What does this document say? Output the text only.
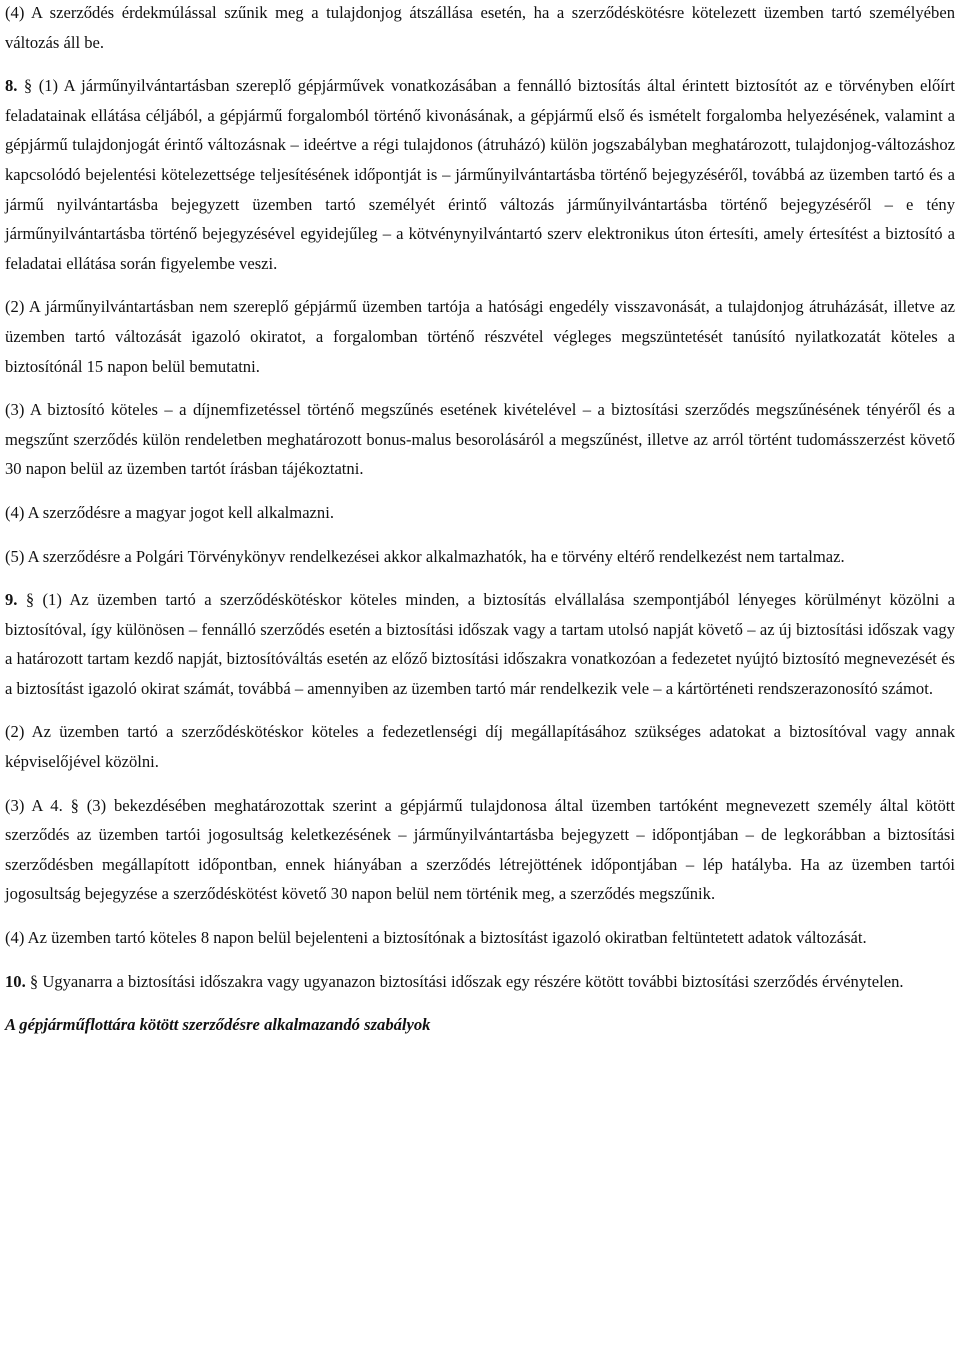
(4) A szerződés érdekmúlással szűnik meg a tulajdonjog átszállása esetén, ha a szerződéskötésre kötelezett üzemben tartó személyében változás áll be.

8. § (1) A járműnyilvántartásban szereplő gépjárművek vonatkozásában a fennálló biztosítás által érintett biztosítót az e törvényben előírt feladatainak ellátása céljából, a gépjármű forgalomból történő kivonásának, a gépjármű első és ismételt forgalomba helyezésének, valamint a gépjármű tulajdonjogát érintő változásnak – ideértve a régi tulajdonos (átruházó) külön jogszabályban meghatározott, tulajdonjog-változáshoz kapcsolódó bejelentési kötelezettsége teljesítésének időpontját is – járműnyilvántartásba történő bejegyzéséről, továbbá az üzemben tartó és a jármű nyilvántartásba bejegyzett üzemben tartó személyét érintő változás járműnyilvántartásba történő bejegyzéséről – e tény járműnyilvántartásba történő bejegyzésével egyidejűleg – a kötvénynyilvántartó szerv elektronikus úton értesíti, amely értesítést a biztosító a feladatai ellátása során figyelembe veszi.

(2) A járműnyilvántartásban nem szereplő gépjármű üzemben tartója a hatósági engedély visszavonását, a tulajdonjog átruházását, illetve az üzemben tartó változását igazoló okiratot, a forgalomban történő részvétel végleges megszüntetését tanúsító nyilatkozatát köteles a biztosítónál 15 napon belül bemutatni.

(3) A biztosító köteles – a díjnemfizetéssel történő megszűnés esetének kivételével – a biztosítási szerződés megszűnésének tényéről és a megszűnt szerződés külön rendeletben meghatározott bonus-malus besorolásáról a megszűnést, illetve az arról történt tudomásszerzést követő 30 napon belül az üzemben tartót írásban tájékoztatni.

(4) A szerződésre a magyar jogot kell alkalmazni.

(5) A szerződésre a Polgári Törvénykönyv rendelkezései akkor alkalmazhatók, ha e törvény eltérő rendelkezést nem tartalmaz.

9. § (1) Az üzemben tartó a szerződéskötéskor köteles minden, a biztosítás elvállalása szempontjából lényeges körülményt közölni a biztosítóval, így különösen – fennálló szerződés esetén a biztosítási időszak vagy a tartam utolsó napját követő – az új biztosítási időszak vagy a határozott tartam kezdő napját, biztosítóváltás esetén az előző biztosítási időszakra vonatkozóan a fedezetet nyújtó biztosító megnevezését és a biztosítást igazoló okirat számát, továbbá – amennyiben az üzemben tartó már rendelkezik vele – a kártörténeti rendszerazonosító számot.

(2) Az üzemben tartó a szerződéskötéskor köteles a fedezetlenségi díj megállapításához szükséges adatokat a biztosítóval vagy annak képviselőjével közölni.

(3) A 4. § (3) bekezdésében meghatározottak szerint a gépjármű tulajdonosa által üzemben tartóként megnevezett személy által kötött szerződés az üzemben tartói jogosultság keletkezésének – járműnyilvántartásba bejegyzett – időpontjában – de legkorábban a biztosítási szerződésben megállapított időpontban, ennek hiányában a szerződés létrejöttének időpontjában – lép hatályba. Ha az üzemben tartói jogosultság bejegyzése a szerződéskötést követő 30 napon belül nem történik meg, a szerződés megszűnik.

(4) Az üzemben tartó köteles 8 napon belül bejelenteni a biztosítónak a biztosítást igazoló okiratban feltüntetett adatok változását.

10. § Ugyanarra a biztosítási időszakra vagy ugyanazon biztosítási időszak egy részére kötött további biztosítási szerződés érvénytelen.

A gépjárműflottára kötött szerződésre alkalmazandó szabályok
